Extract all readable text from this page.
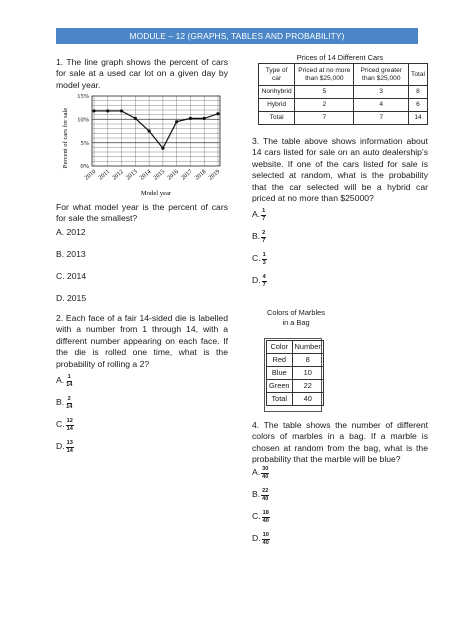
MODULE – 12 (GRAPHS, TABLES AND PROBABILITY)

1. The line graph shows the percent of cars for sale at a used car lot on a given day by model year.

0%
5%
10%
15%
2010 2011 2012 2013 2014 2015 2016 2017 2018 2019
Percent of cars for sale
Model year

For what model year is the percent of cars for sale the smallest?

A. 2012
B. 2013
C. 2014
D. 2015

2. Each face of a fair 14-sided die is labelled with a number from 1 through 14, with a different number appearing on each face. If the die is rolled one time, what is the probability of rolling a 2?

A. $\frac{1}{14}$
B. $\frac{2}{14}$
C. $\frac{12}{14}$
D. $\frac{13}{14}$
Prices of 14 Different Cars
Type of car	Priced at no more than $25,000	Priced greater than $25,000	Total
Nonhybrid	5	3	8
Hybrid	2	4	6
Total	7	7	14

3. The table above shows information about 14 cars listed for sale on an auto dealership’s website. If one of the cars listed for sale is selected at random, what is the probability that the car selected will be a hybrid car priced at no more than $25000?

A. $\frac{1}{7}$
B. $\frac{2}{7}$
C. $\frac{1}{3}$
D. $\frac{4}{7}$
Colors of Marbles in a Bag
Color	Number
Red	8
Blue	10
Green	22
Total	40

4. The table shows the number of different colors of marbles in a bag. If a marble is chosen at random from the bag, what is the probability that the marble will be blue?

A. $\frac{30}{40}$
B. $\frac{22}{40}$
C. $\frac{18}{40}$
D. $\frac{10}{40}$
